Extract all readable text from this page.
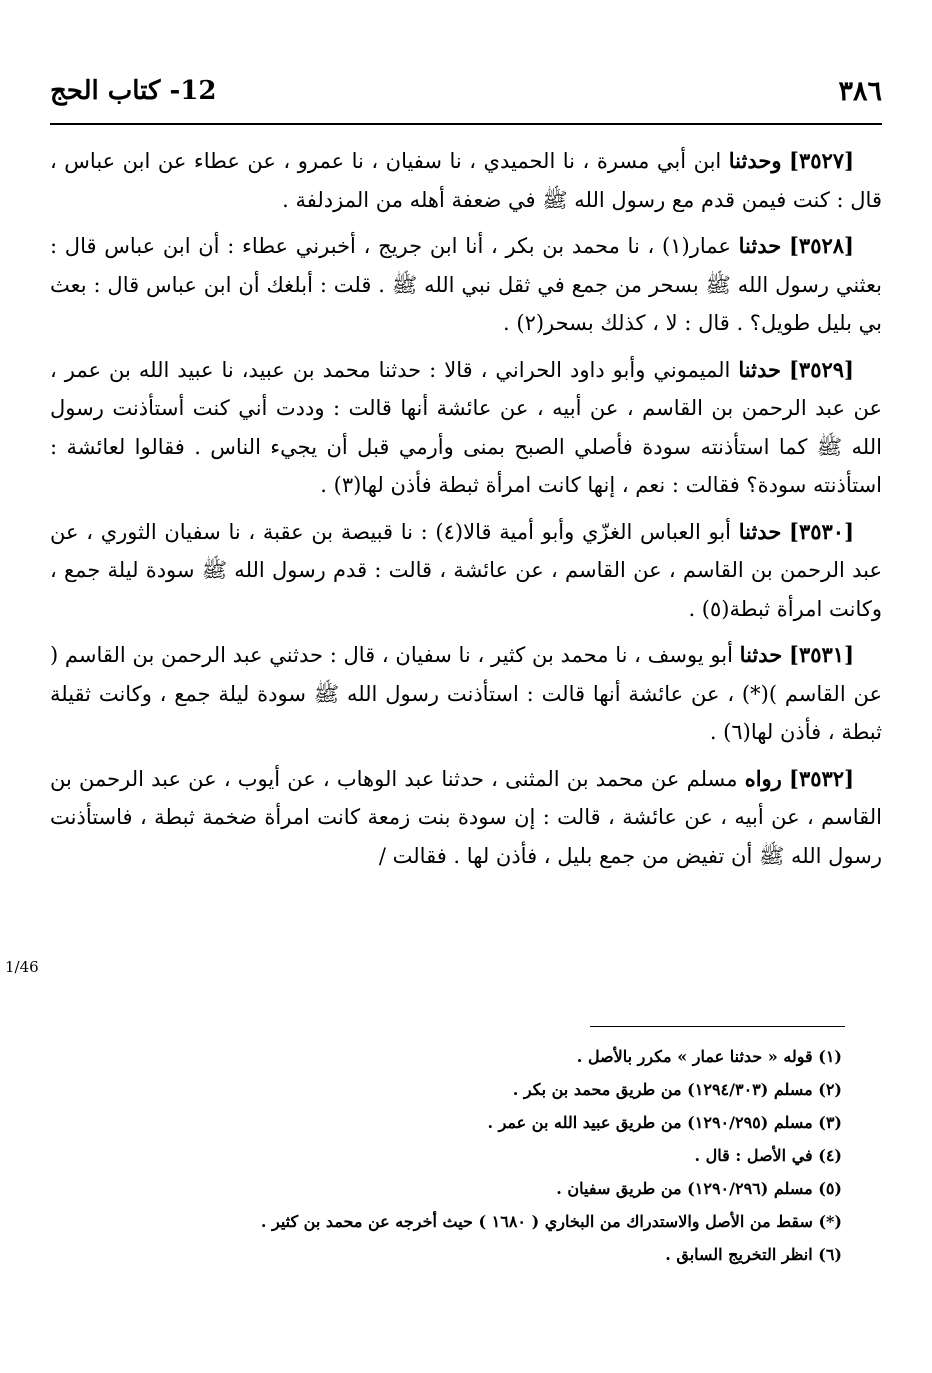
٣٨٦
12- كتاب الحج

[٣٥٢٧] وحدثنا ابن أبي مسرة ، نا الحميدي ، نا سفيان ، نا عمرو ، عن عطاء عن ابن عباس ، قال : كنت فيمن قدم مع رسول الله ﷺ في ضعفة أهله من المزدلفة .

[٣٥٢٨] حدثنا عمار(١) ، نا محمد بن بكر ، أنا ابن جريج ، أخبرني عطاء : أن ابن عباس قال : بعثني رسول الله ﷺ بسحر من جمع في ثقل نبي الله ﷺ . قلت : أبلغك أن ابن عباس قال : بعث بي بليل طويل؟ . قال : لا ، كذلك بسحر(٢) .

[٣٥٢٩] حدثنا الميموني وأبو داود الحراني ، قالا : حدثنا محمد بن عبيد، نا عبيد الله بن عمر ، عن عبد الرحمن بن القاسم ، عن أبيه ، عن عائشة أنها قالت : وددت أني كنت أستأذنت رسول الله ﷺ كما استأذنته سودة فأصلي الصبح بمنى وأرمي قبل أن يجيء الناس . فقالوا لعائشة : استأذنته سودة؟ فقالت : نعم ، إنها كانت امرأة ثبطة فأذن لها(٣) .

[٣٥٣٠] حدثنا أبو العباس الغزّي وأبو أمية قالا(٤) : نا قبيصة بن عقبة ، نا سفيان الثوري ، عن عبد الرحمن بن القاسم ، عن القاسم ، عن عائشة ، قالت : قدم رسول الله ﷺ سودة ليلة جمع ، وكانت امرأة ثبطة(٥) .

[٣٥٣١] حدثنا أبو يوسف ، نا محمد بن كثير ، نا سفيان ، قال : حدثني عبد الرحمن بن القاسم ( عن القاسم )(*) ، عن عائشة أنها قالت : استأذنت رسول الله ﷺ سودة ليلة جمع ، وكانت ثقيلة ثبطة ، فأذن لها(٦) .

[٣٥٣٢] رواه مسلم عن محمد بن المثنى ، حدثنا عبد الوهاب ، عن أيوب ، عن عبد الرحمن بن القاسم ، عن أبيه ، عن عائشة ، قالت : إن سودة بنت زمعة كانت امرأة ضخمة ثبطة ، فاستأذنت رسول الله ﷺ أن تفيض من جمع بليل ، فأذن لها . فقالت /

1/46

(١) قوله « حدثنا عمار » مكرر بالأصل .

(٢) مسلم (١٢٩٤/٣٠٣) من طريق محمد بن بكر .

(٣) مسلم (١٢٩٠/٢٩٥) من طريق عبيد الله بن عمر .

(٤) في الأصل : قال .

(٥) مسلم (١٢٩٠/٢٩٦) من طريق سفيان .

(*) سقط من الأصل والاستدراك من البخاري ( ١٦٨٠ ) حيث أخرجه عن محمد بن كثير .

(٦) انظر التخريج السابق .
